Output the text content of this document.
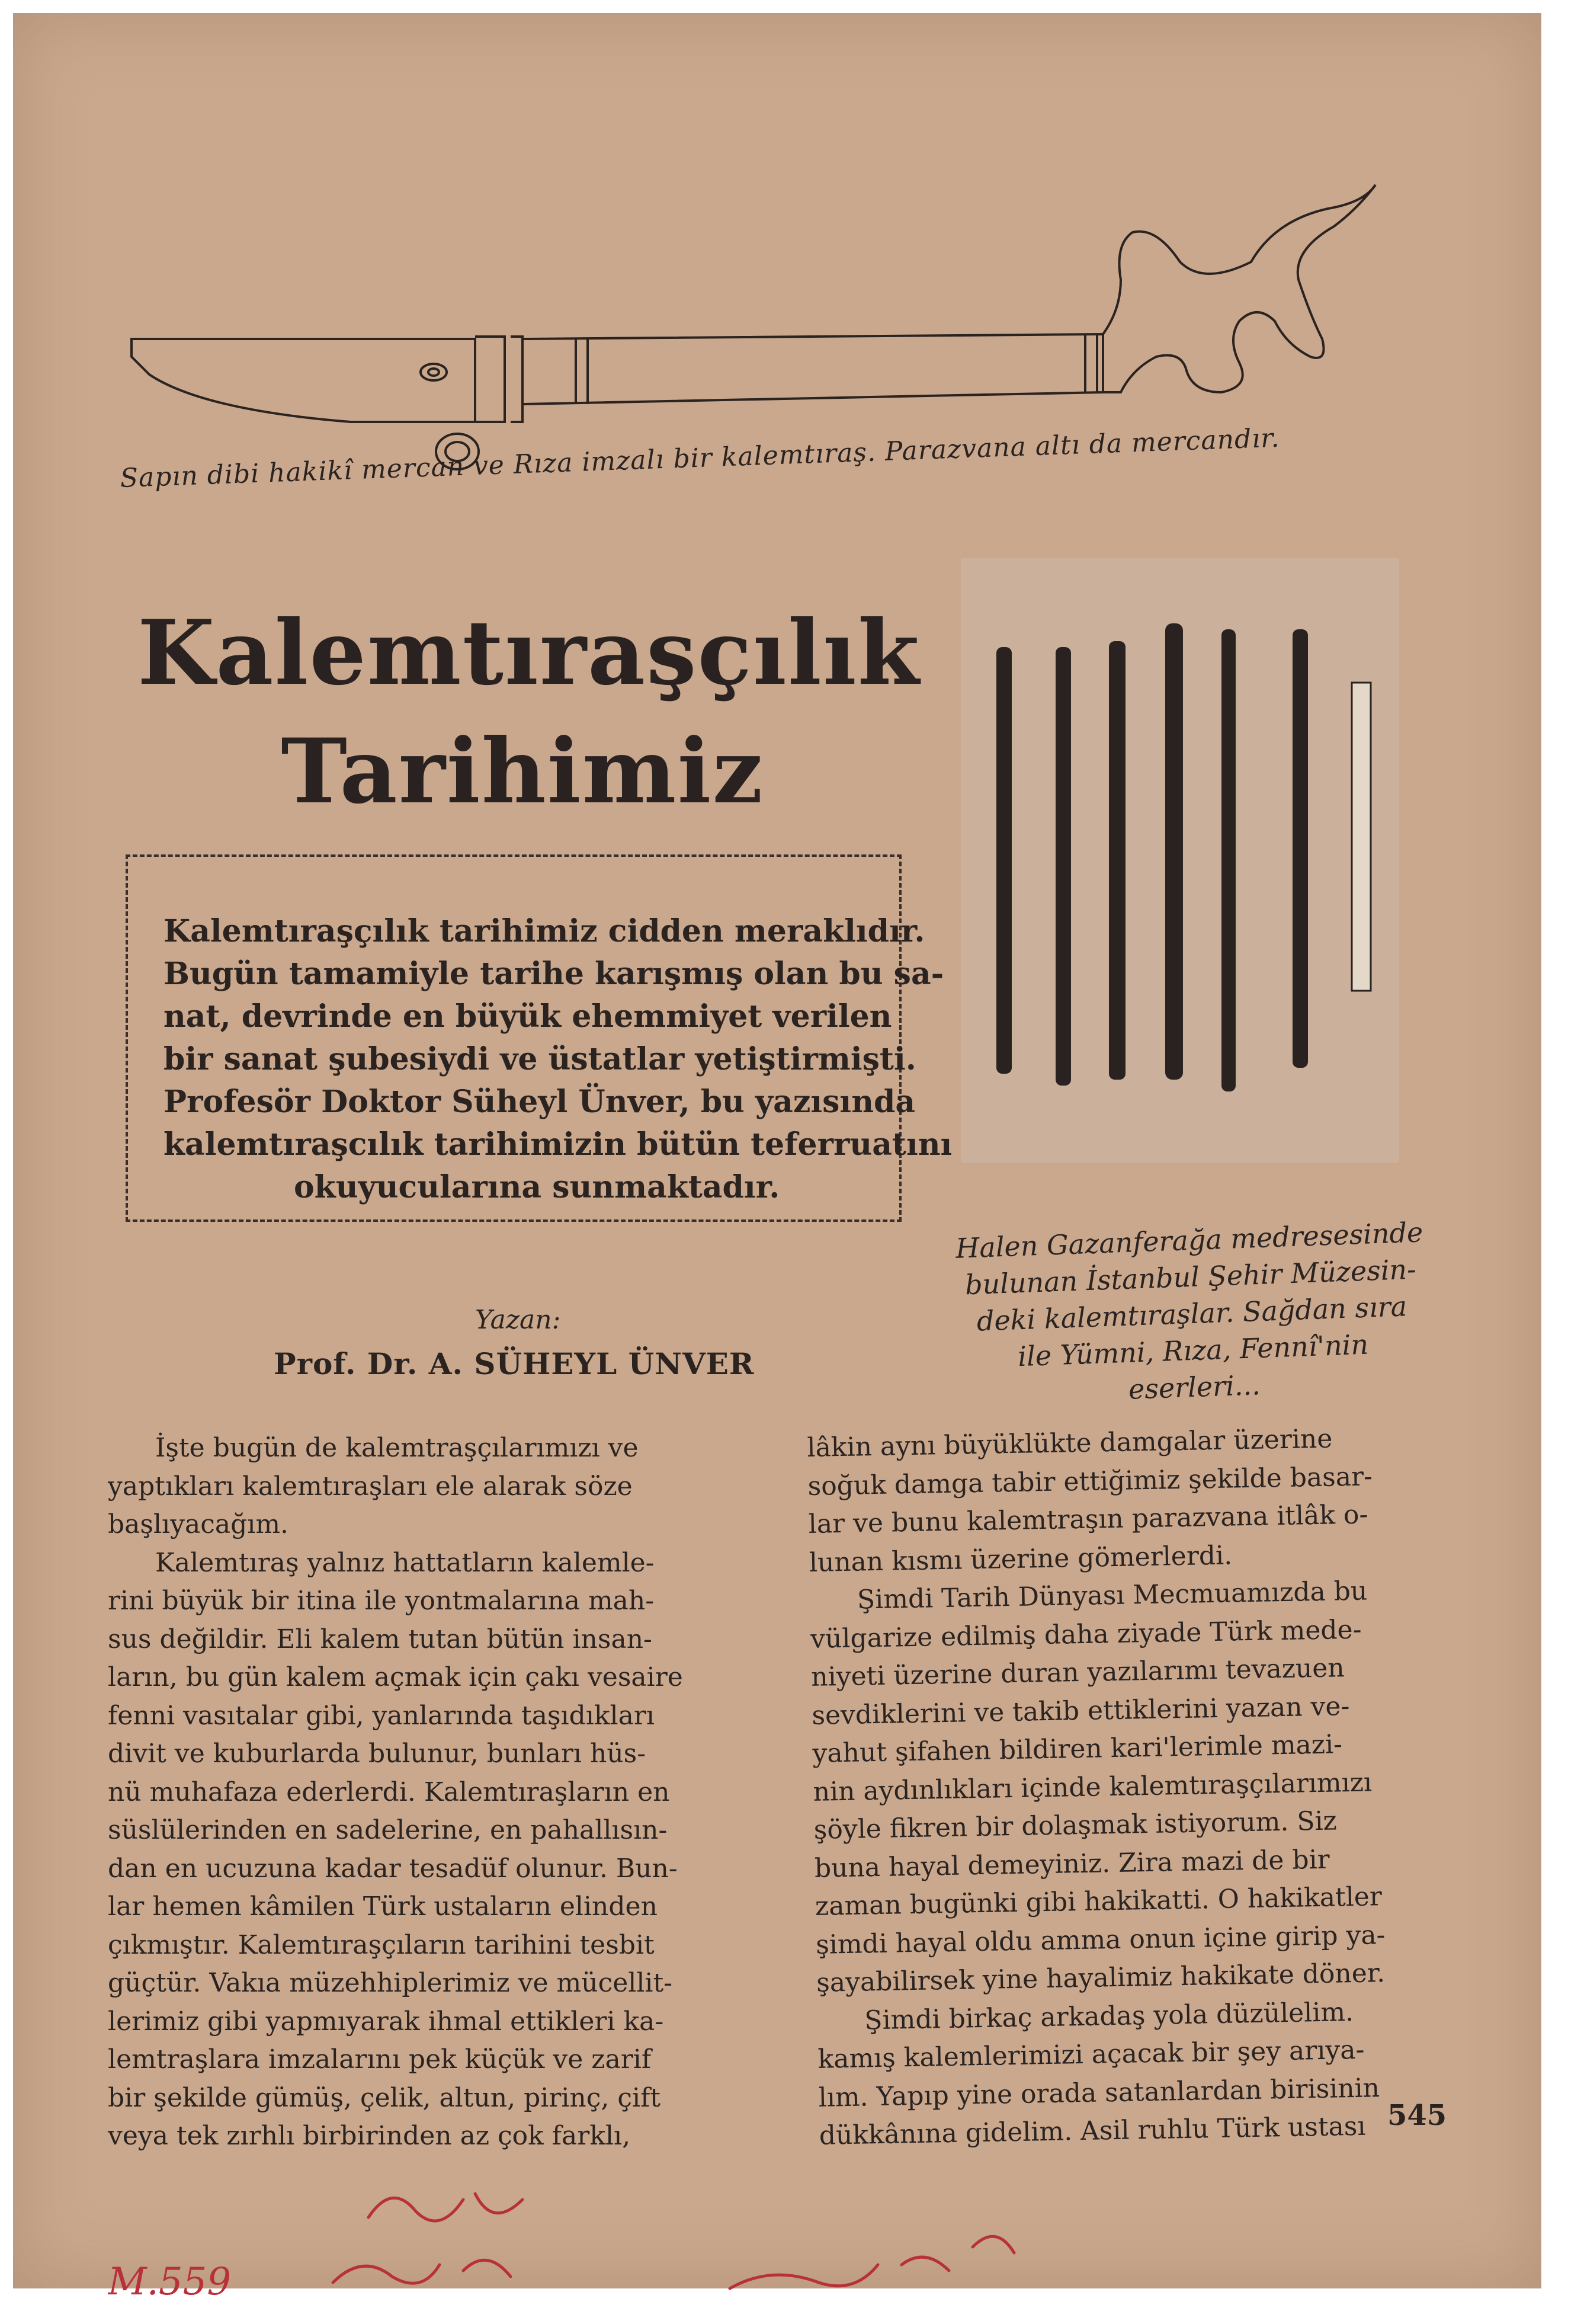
Sapın dibi hakikî mercan ve Rıza imzalı bir kalemtıraş. Parazvana altı da mercandır.
Kalemtıraşçılık
Tarihimiz
Kalemtıraşçılık tarihimiz cidden meraklıdır.
Bugün tamamiyle tarihe karışmış olan bu sa-
nat, devrinde en büyük ehemmiyet verilen
bir sanat şubesiydi ve üstatlar yetiştirmişti.
Profesör Doktor Süheyl Ünver, bu yazısında
kalemtıraşcılık tarihimizin bütün teferruatını
okuyucularına sunmaktadır.
Halen Gazanferağa medresesinde
bulunan İstanbul Şehir Müzesin-
deki kalemtıraşlar. Sağdan sıra
ile Yümni, Rıza, Fennî'nin
eserleri...
Yazan:
Prof. Dr. A. SÜHEYL ÜNVER
İşte bugün de kalemtraşçılarımızı ve
yaptıkları kalemtıraşları ele alarak söze
başlıyacağım.
Kalemtıraş yalnız hattatların kalemle-
rini büyük bir itina ile yontmalarına mah-
sus değildir. Eli kalem tutan bütün insan-
ların, bu gün kalem açmak için çakı vesaire
fenni vasıtalar gibi, yanlarında taşıdıkları
divit ve kuburlarda bulunur, bunları hüs-
nü muhafaza ederlerdi. Kalemtıraşların en
süslülerinden en sadelerine, en pahallısın-
dan en ucuzuna kadar tesadüf olunur. Bun-
lar hemen kâmilen Türk ustaların elinden
çıkmıştır. Kalemtıraşçıların tarihini tesbit
güçtür. Vakıa müzehhiplerimiz ve mücellit-
lerimiz gibi yapmıyarak ihmal ettikleri ka-
lemtraşlara imzalarını pek küçük ve zarif
bir şekilde gümüş, çelik, altun, pirinç, çift
veya tek zırhlı birbirinden az çok farklı,
lâkin aynı büyüklükte damgalar üzerine
soğuk damga tabir ettiğimiz şekilde basar-
lar ve bunu kalemtraşın parazvana itlâk o-
lunan kısmı üzerine gömerlerdi.
Şimdi Tarih Dünyası Mecmuamızda bu
vülgarize edilmiş daha ziyade Türk mede-
niyeti üzerine duran yazılarımı tevazuen
sevdiklerini ve takib ettiklerini yazan ve-
yahut şifahen bildiren kari'lerimle mazi-
nin aydınlıkları içinde kalemtıraşçılarımızı
şöyle fikren bir dolaşmak istiyorum. Siz
buna hayal demeyiniz. Zira mazi de bir
zaman bugünki gibi hakikatti. O hakikatler
şimdi hayal oldu amma onun içine girip ya-
şayabilirsek yine hayalimiz hakikate döner.
Şimdi birkaç arkadaş yola düzülelim.
kamış kalemlerimizi açacak bir şey arıya-
lım. Yapıp yine orada satanlardan birisinin
dükkânına gidelim. Asil ruhlu Türk ustası 545
M.559
